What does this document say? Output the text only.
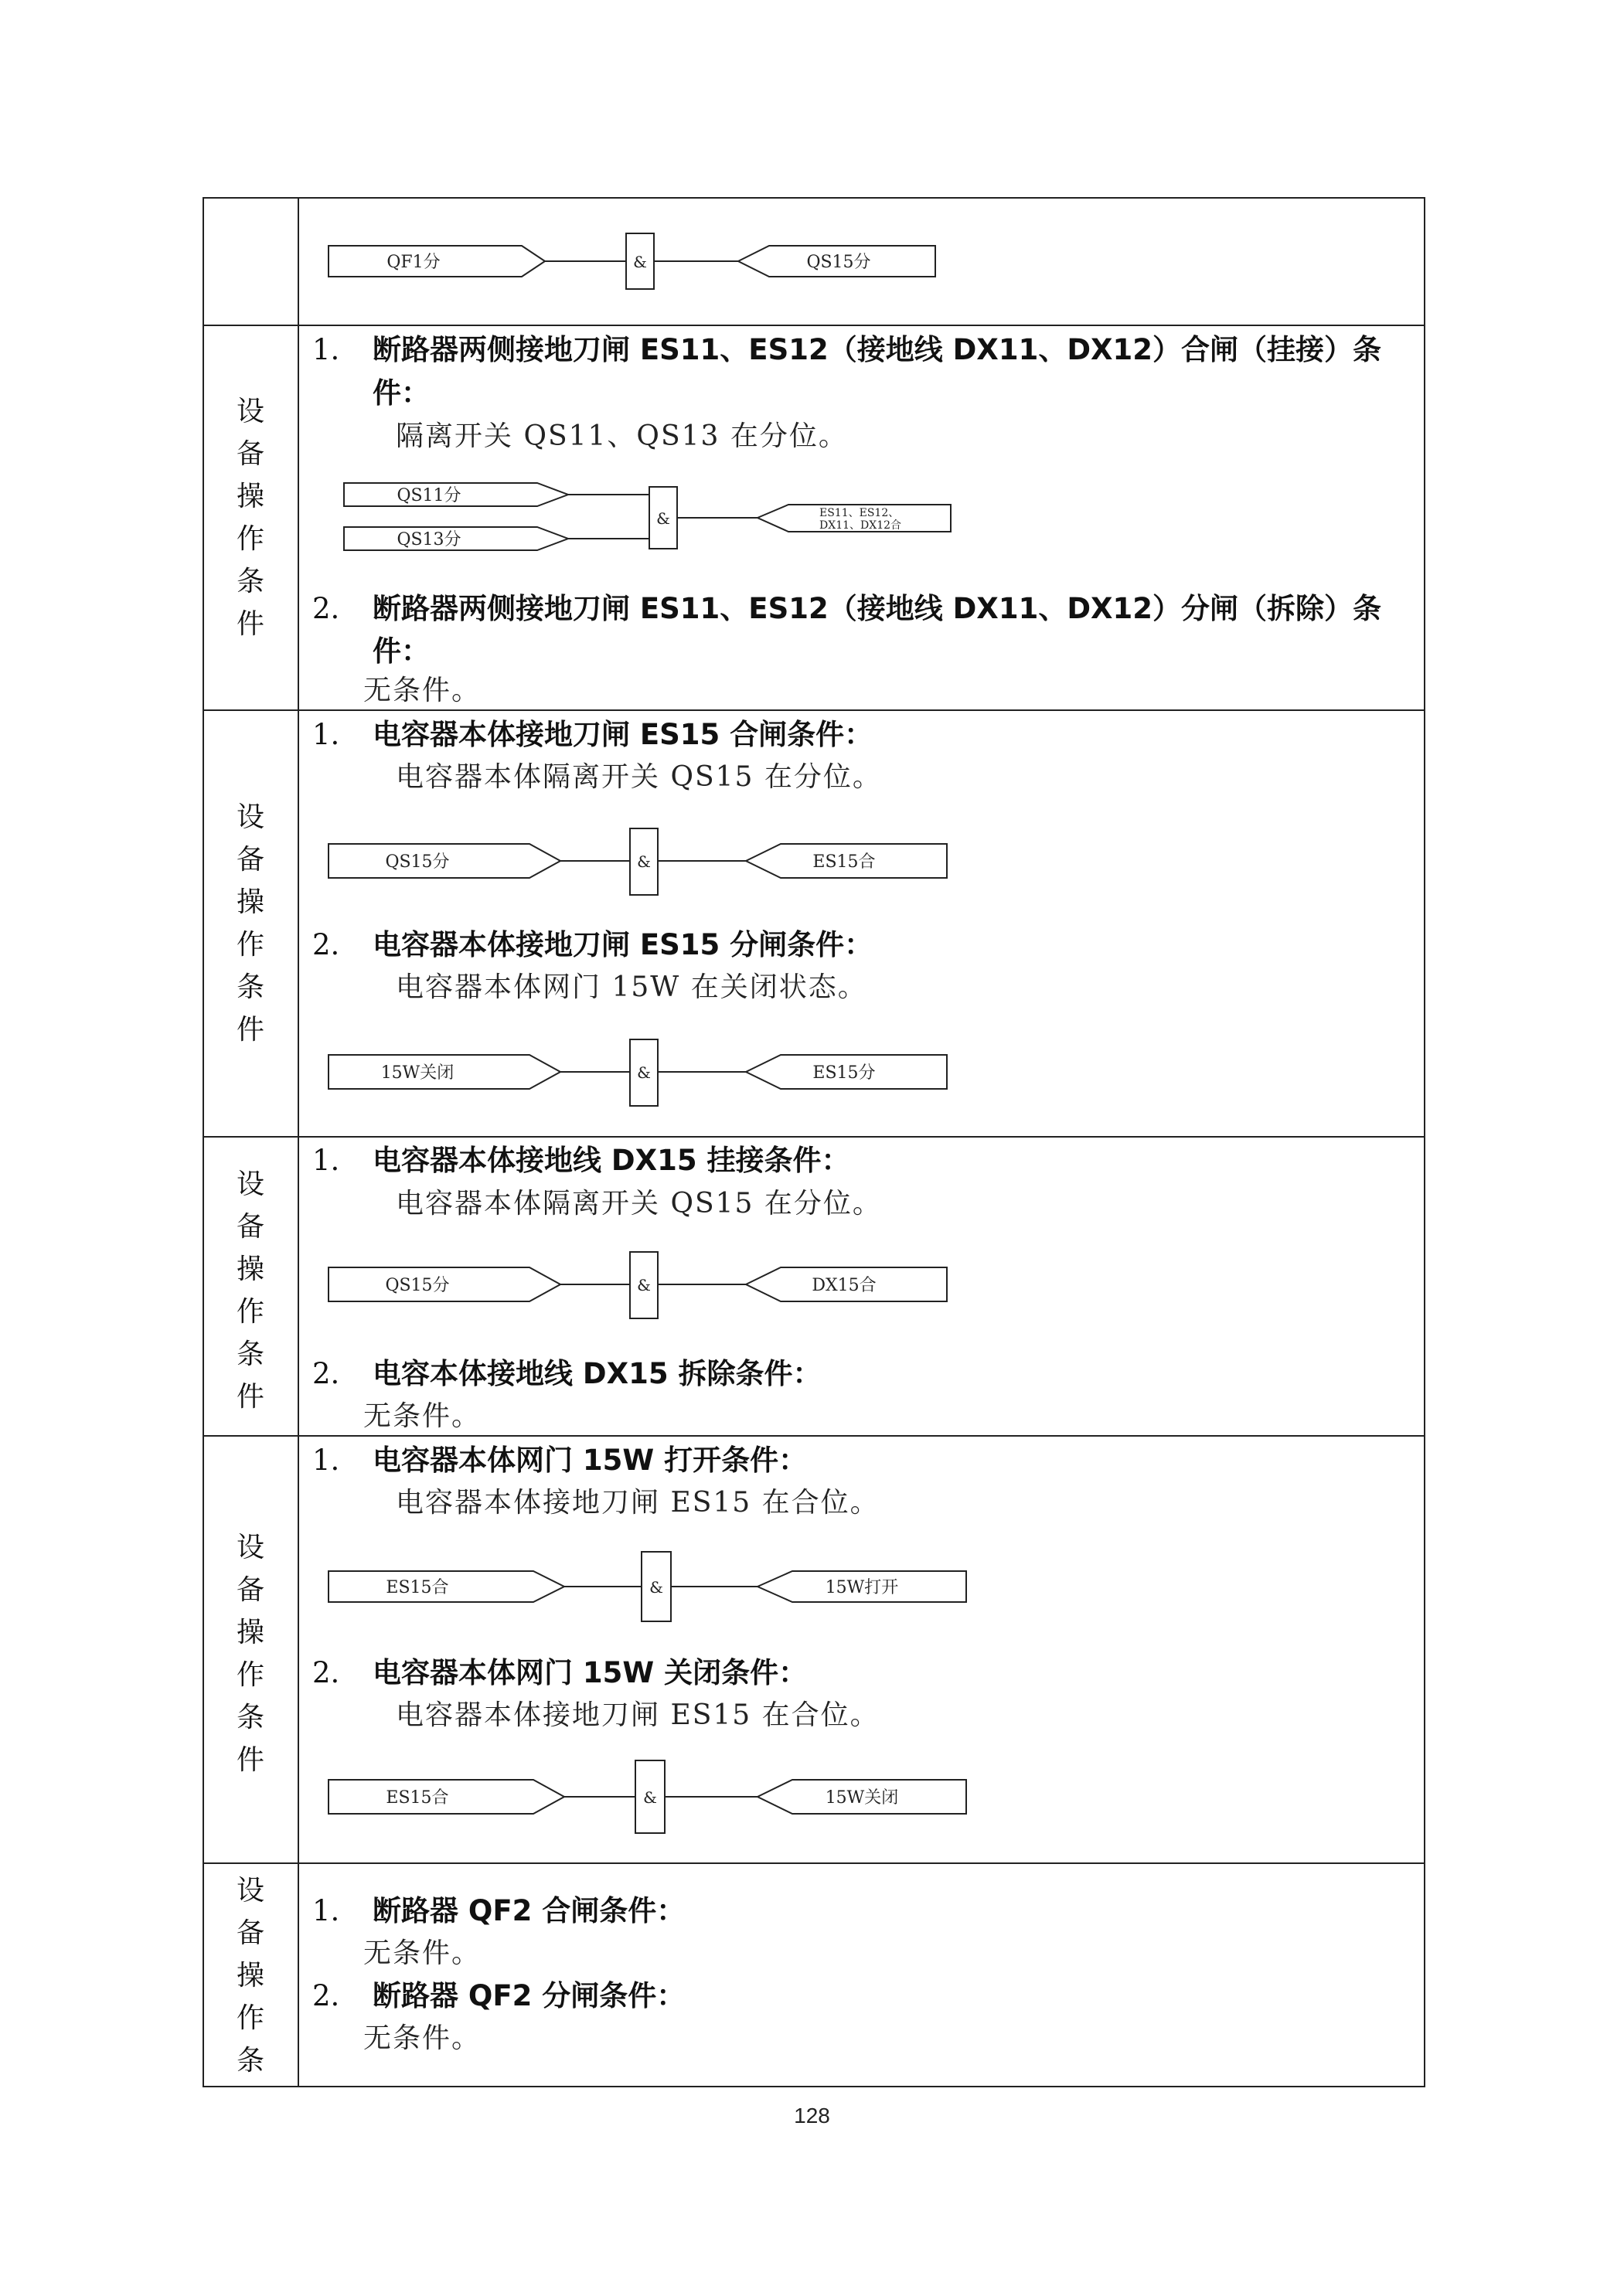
QF1分	&	QS15分
设
备
操
作
条
件
1. 断路器两侧接地刀闸 ES11、ES12（接地线 DX11、DX12）合闸（挂接）条
件：
隔离开关 QS11、QS13 在分位。
QS11分
QS13分
&	ES11、ES12、
DX11、DX12合
2. 断路器两侧接地刀闸 ES11、ES12（接地线 DX11、DX12）分闸（拆除）条
件：
无条件。
设
备
操
作
条
件
1. 电容器本体接地刀闸 ES15 合闸条件：
电容器本体隔离开关 QS15 在分位。
QS15分	&	ES15合
2. 电容器本体接地刀闸 ES15 分闸条件：
电容器本体网门 15W 在关闭状态。
15W关闭	&	ES15分
设
备
操
作
条
件
1. 电容器本体接地线 DX15 挂接条件：
电容器本体隔离开关 QS15 在分位。
QS15分	&	DX15合
2. 电容本体接地线 DX15 拆除条件：
无条件。
设
备
操
作
条
件
1. 电容器本体网门 15W 打开条件：
电容器本体接地刀闸 ES15 在合位。
ES15合	&	15W打开
2. 电容器本体网门 15W 关闭条件：
电容器本体接地刀闸 ES15 在合位。
ES15合	&	15W关闭
设
备
操
作
条
1. 断路器 QF2 合闸条件：
无条件。
2. 断路器 QF2 分闸条件：
无条件。
128
